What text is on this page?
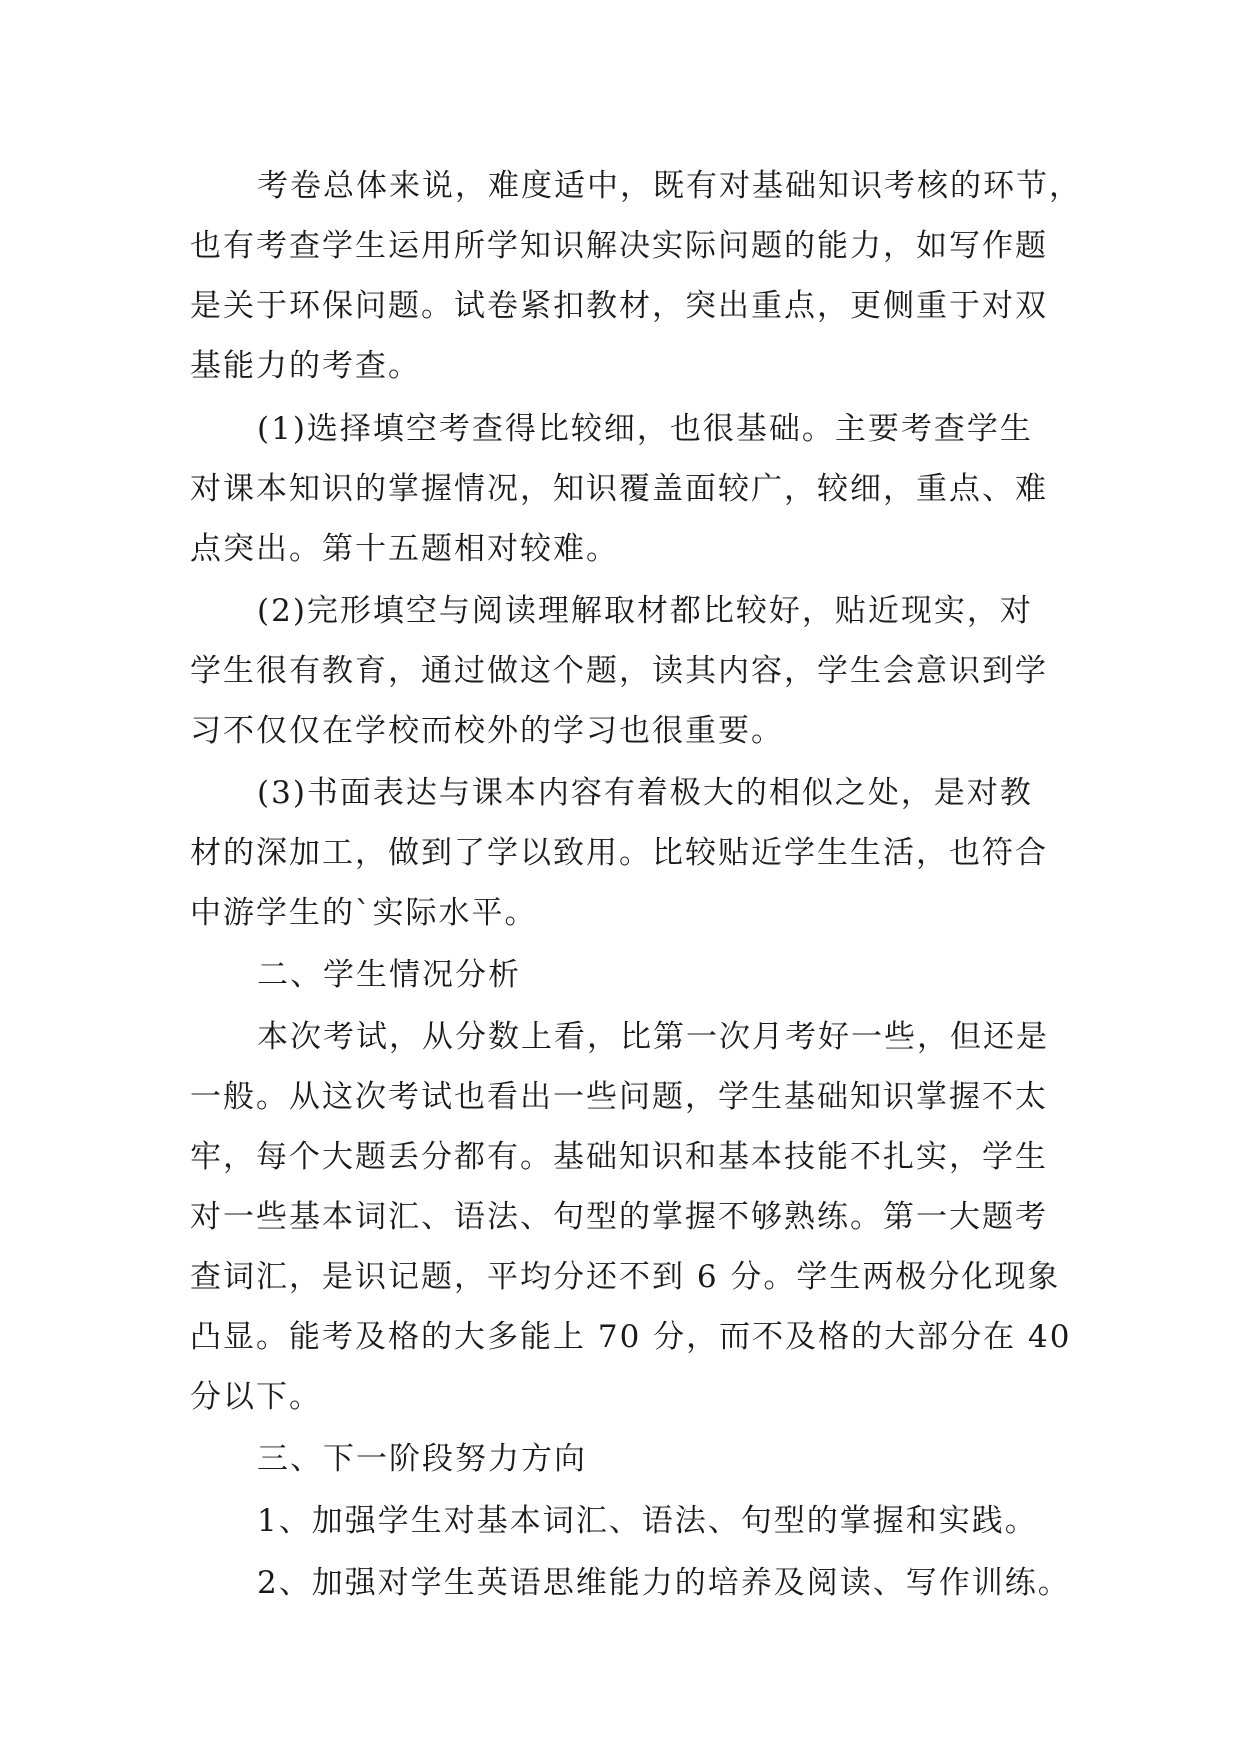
考卷总体来说，难度适中，既有对基础知识考核的环节，
也有考查学生运用所学知识解决实际问题的能力，如写作题
是关于环保问题。试卷紧扣教材，突出重点，更侧重于对双
基能力的考查。
(1)选择填空考查得比较细，也很基础。主要考查学生
对课本知识的掌握情况，知识覆盖面较广，较细，重点、难
点突出。第十五题相对较难。
(2)完形填空与阅读理解取材都比较好，贴近现实，对
学生很有教育，通过做这个题，读其内容，学生会意识到学
习不仅仅在学校而校外的学习也很重要。
(3)书面表达与课本内容有着极大的相似之处，是对教
材的深加工，做到了学以致用。比较贴近学生生活，也符合
中游学生的`实际水平。
二、学生情况分析
本次考试，从分数上看，比第一次月考好一些，但还是
一般。从这次考试也看出一些问题，学生基础知识掌握不太
牢，每个大题丢分都有。基础知识和基本技能不扎实，学生
对一些基本词汇、语法、句型的掌握不够熟练。第一大题考
查词汇，是识记题，平均分还不到 6 分。学生两极分化现象
凸显。能考及格的大多能上 70 分，而不及格的大部分在 40
分以下。
三、下一阶段努力方向
1、加强学生对基本词汇、语法、句型的掌握和实践。
2、加强对学生英语思维能力的培养及阅读、写作训练。
